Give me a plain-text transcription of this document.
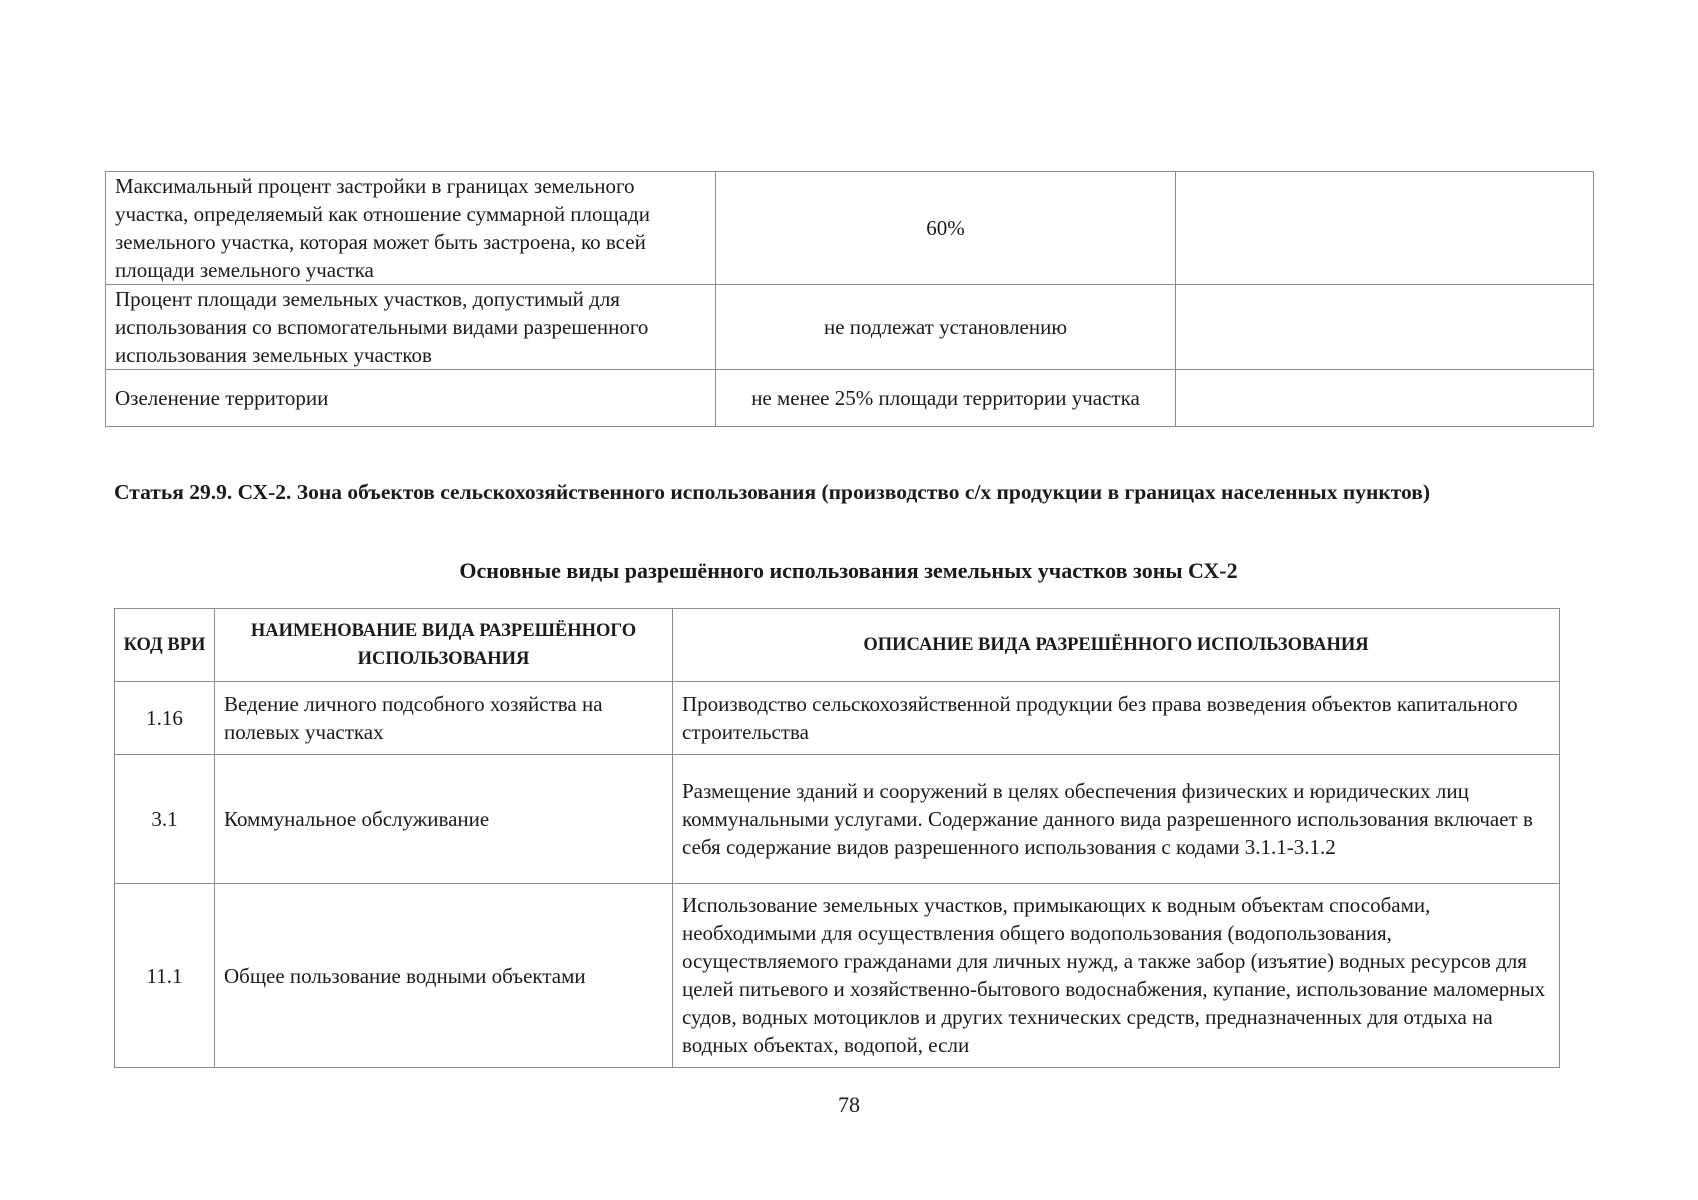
Максимальный процент застройки в границах земельного участка, определяемый как отношение суммарной площади земельного участка, которая может быть застроена, ко всей площади земельного участка	60%	
Процент площади земельных участков, допустимый для использования со вспомогательными видами разрешенного использования земельных участков	не подлежат установлению	
Озеленение территории	не менее 25% площади территории участка	

Статья 29.9. СХ-2. Зона объектов сельскохозяйственного использования (производство с/х продукции в границах населенных пунктов)

Основные виды разрешённого использования земельных участков зоны СХ-2

КОД ВРИ	НАИМЕНОВАНИЕ ВИДА РАЗРЕШЁННОГО ИСПОЛЬЗОВАНИЯ	ОПИСАНИЕ ВИДА РАЗРЕШЁННОГО ИСПОЛЬЗОВАНИЯ
1.16	Ведение личного подсобного хозяйства на полевых участках	Производство сельскохозяйственной продукции без права возведения объектов капитального строительства
3.1	Коммунальное обслуживание	Размещение зданий и сооружений в целях обеспечения физических и юридических лиц коммунальными услугами. Содержание данного вида разрешенного использования включает в себя содержание видов разрешенного использования с кодами 3.1.1-3.1.2
11.1	Общее пользование водными объектами	Использование земельных участков, примыкающих к водным объектам способами, необходимыми для осуществления общего водопользования (водопользования, осуществляемого гражданами для личных нужд, а также забор (изъятие) водных ресурсов для целей питьевого и хозяйственно-бытового водоснабжения, купание, использование маломерных судов, водных мотоциклов и других технических средств, предназначенных для отдыха на водных объектах, водопой, если
78
